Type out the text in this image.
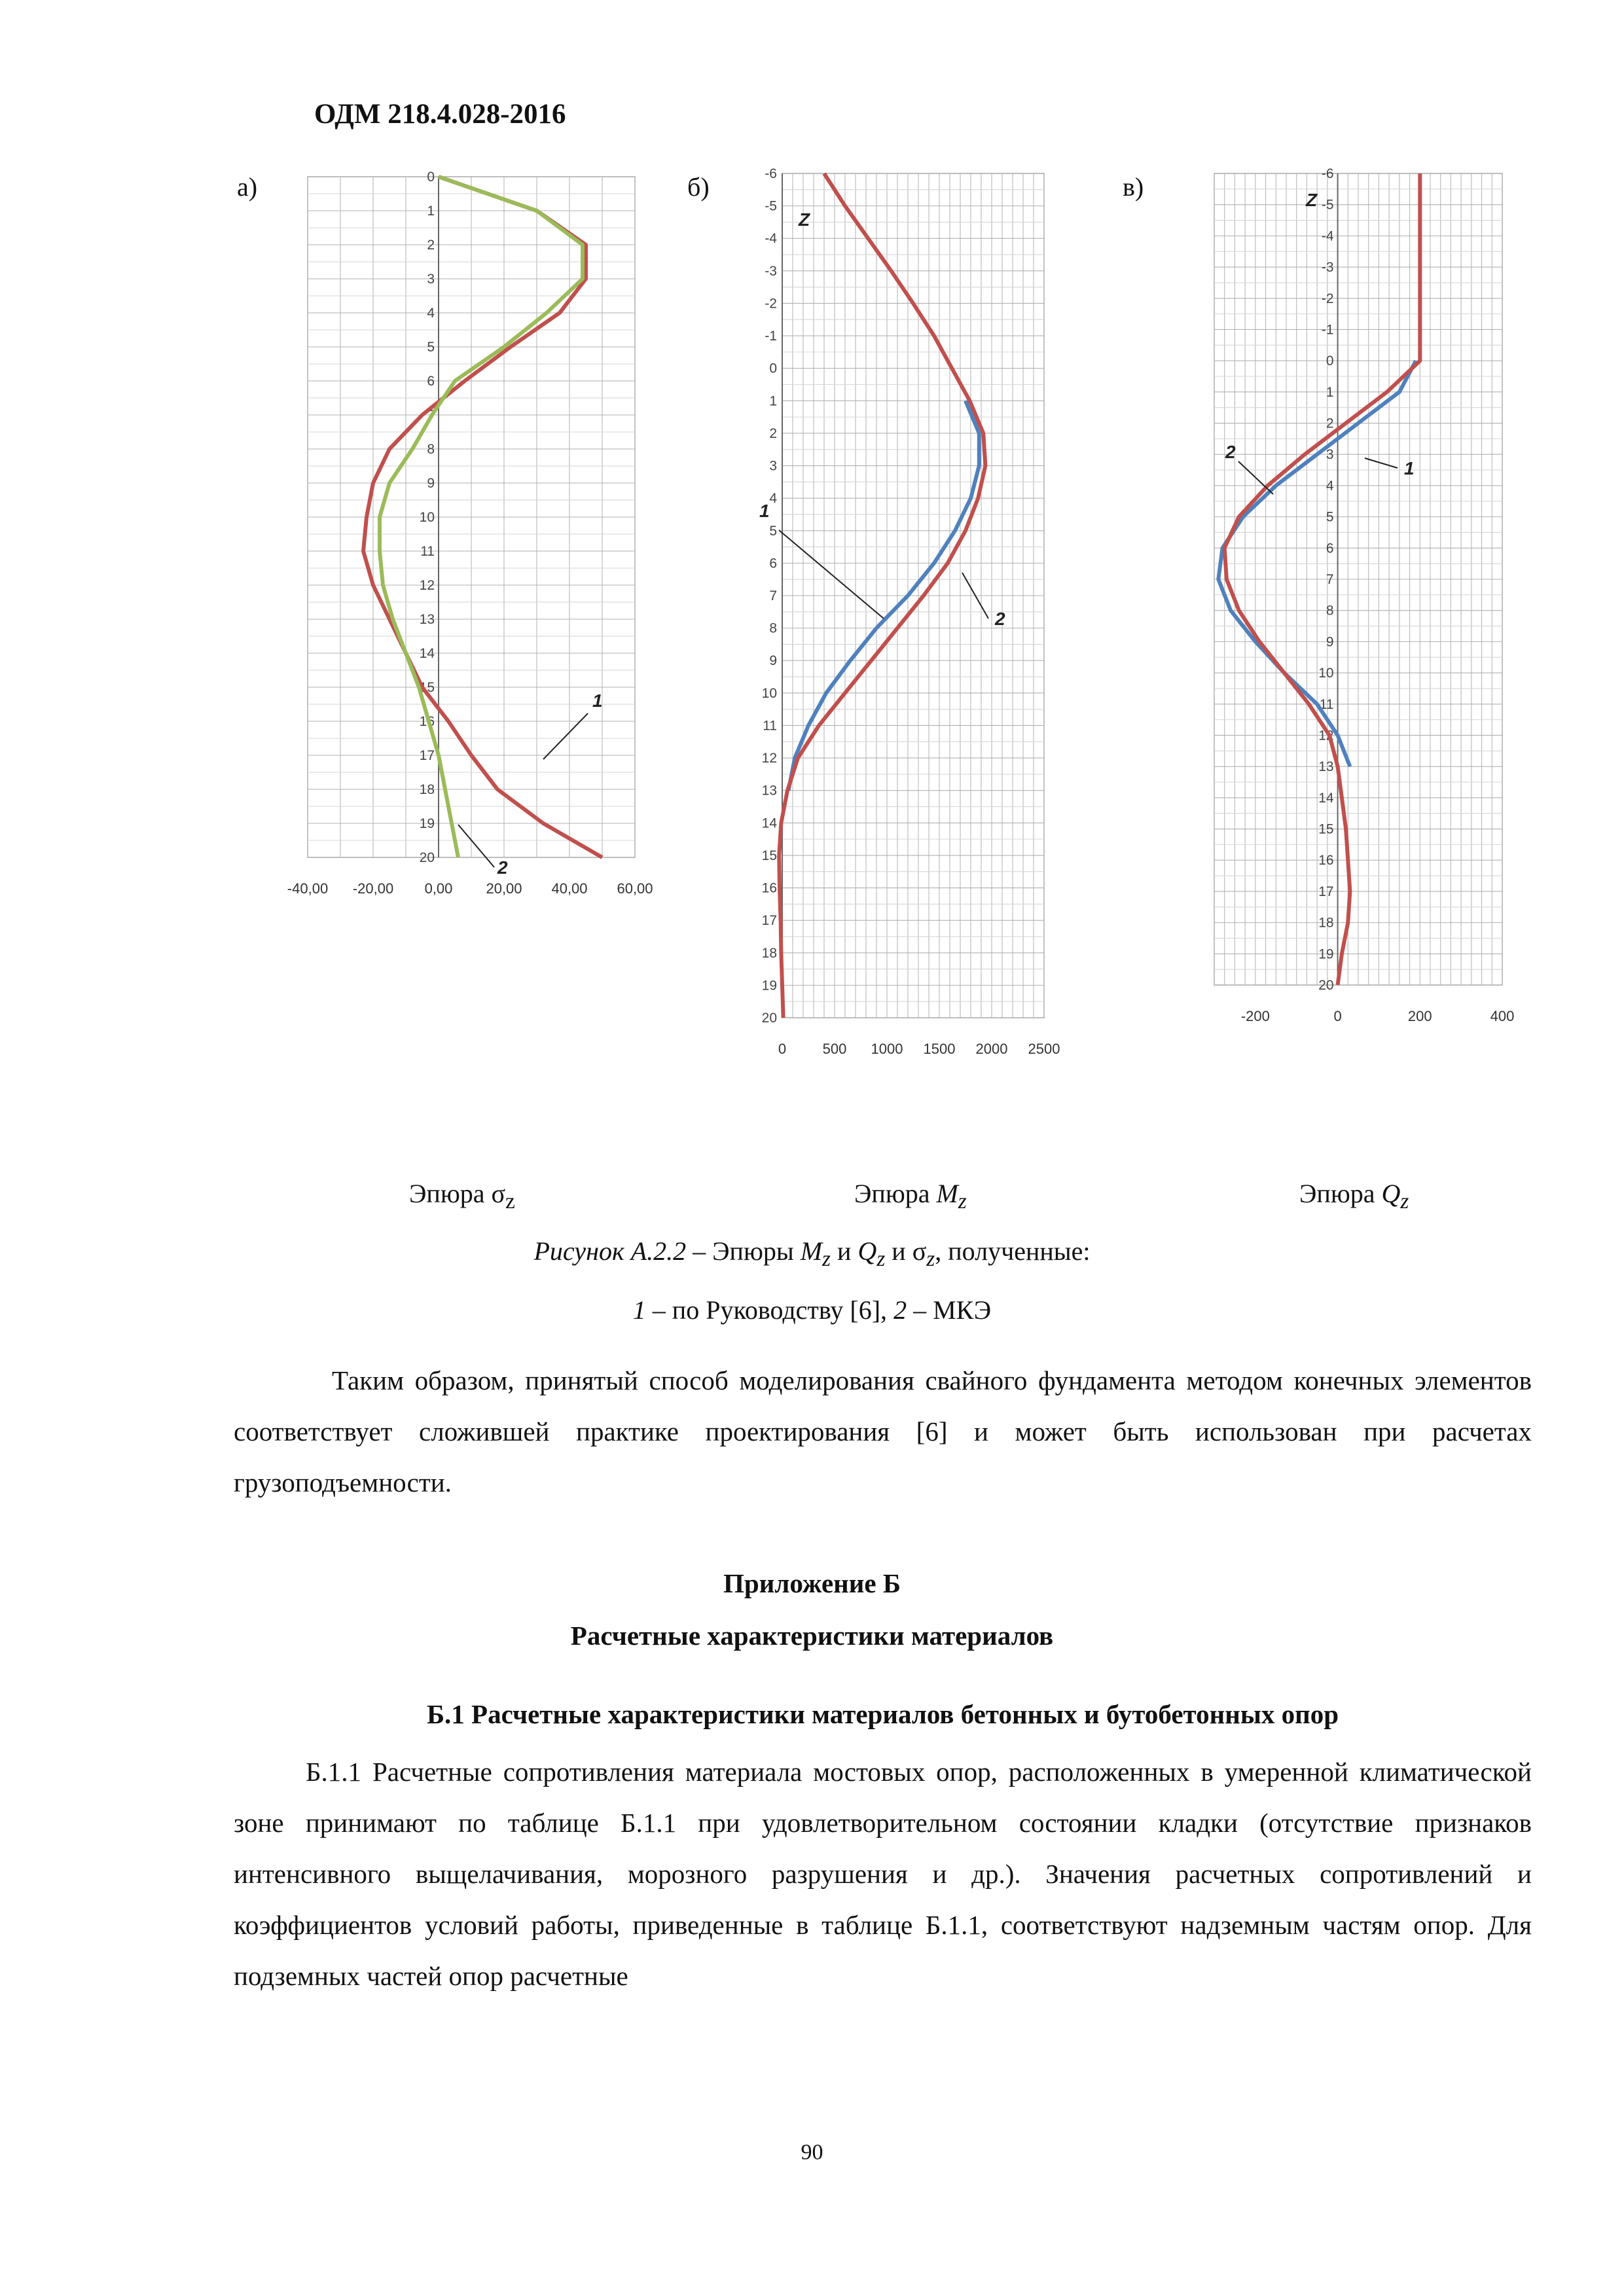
ОДМ 218.4.028-2016
а)	б)	в)
0
1
2
3
4
5
6
7
8
9
10
11
12
13
14
15
16
17
18
19
20
-40,00 -20,00 0,00 20,00 40,00 60,00
1
2
-6
-5
-4
-3
-2
-1
0
1
2
3
4
5
6
7
8
9
10
11
12
13
14
15
16
17
18
19
20
0	500 1000 1500 2000 2500
Z
1
2
-6
-5
-4
-3
-2
-1
0
1
2
3
4
5
6
7
8
9
10
11
12
13
14
15
16
17
18
19
20
-200	0	200	400
Z
2
1
Эпюра $\sigma_z$	Эпюра $M_z$	Эпюра $Q_z$
Рисунок А.2.2 – Эпюры $M_z$ и $Q_z$ и $\sigma_z$, полученные:
1 – по Руководству [6], 2 – МКЭ
Таким образом, принятый способ моделирования свайного фундамента методом конечных элементов соответствует сложившей практике проектирования [6] и может быть использован при расчетах грузоподъемности.
Приложение Б
Расчетные характеристики материалов
Б.1 Расчетные характеристики материалов бетонных и бутобетонных опор
Б.1.1 Расчетные сопротивления материала мостовых опор, расположенных в умеренной климатической зоне принимают по таблице Б.1.1 при удовлетворительном состоянии кладки (отсутствие признаков интенсивного выщелачивания, морозного разрушения и др.). Значения расчетных сопротивлений и коэффициентов условий работы, приведенные в таблице Б.1.1, соответствуют надземным частям опор. Для подземных частей опор расчетные
90
